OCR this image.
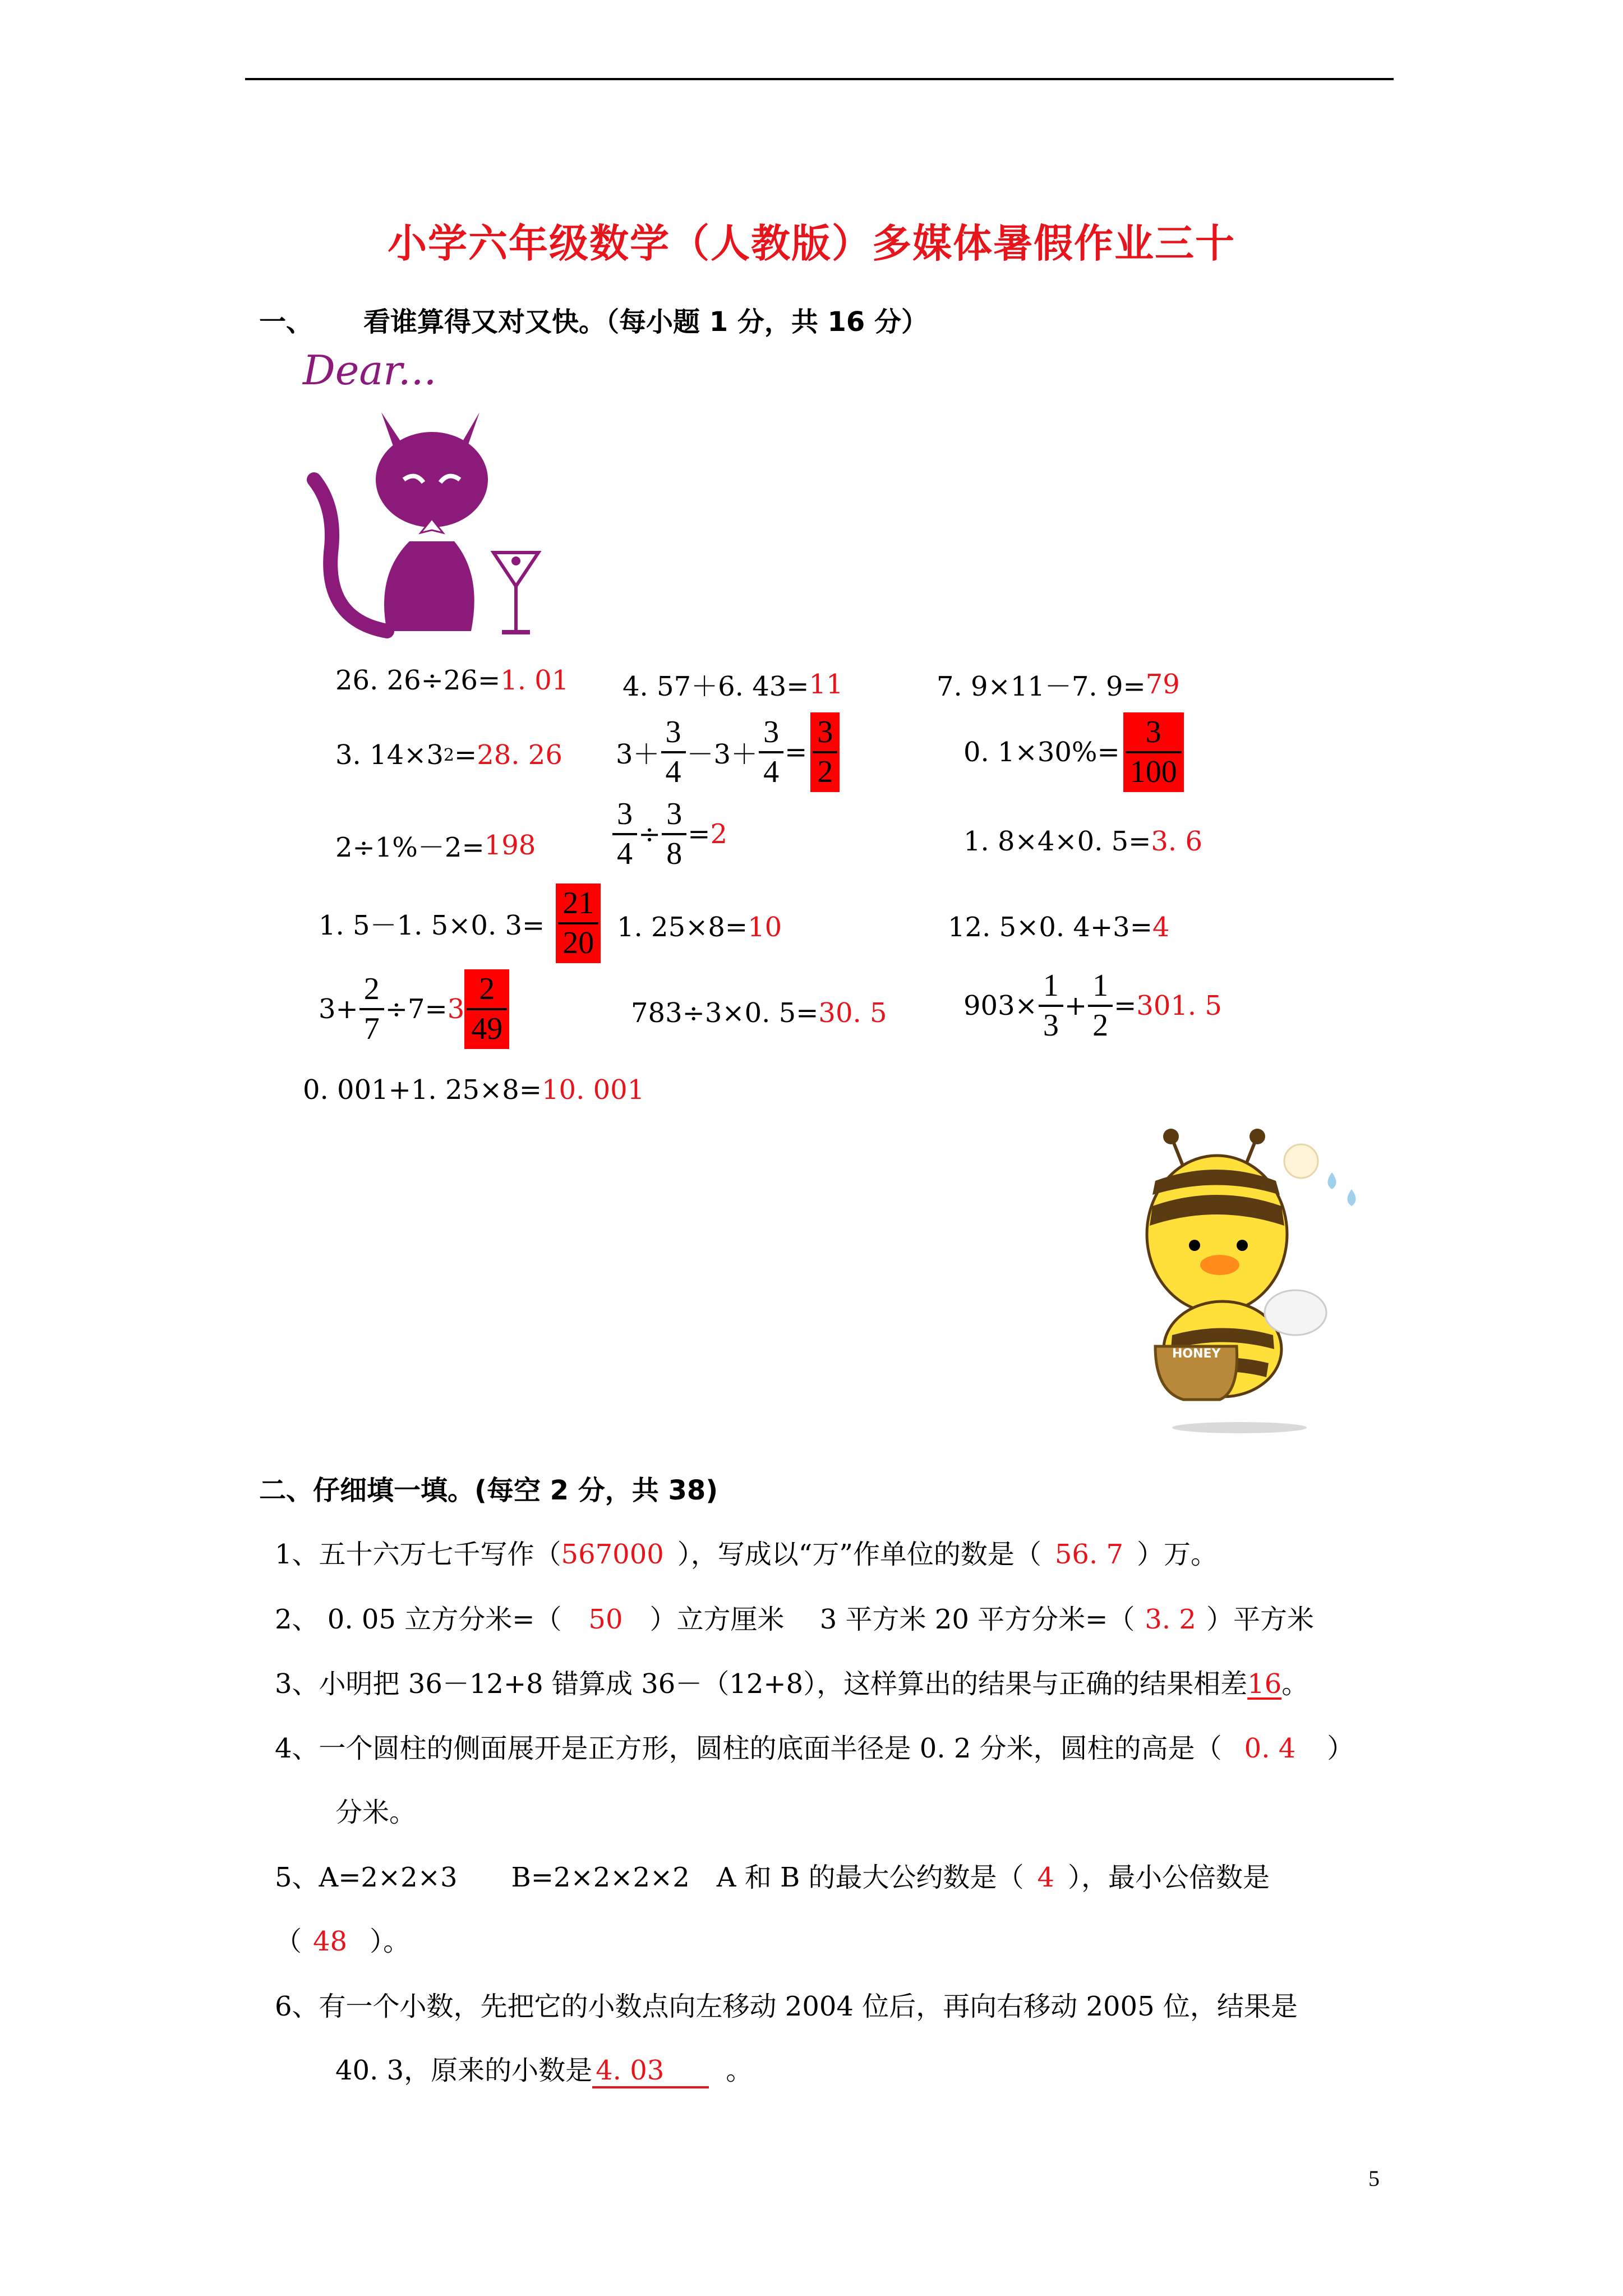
小学六年级数学（人教版）多媒体暑假作业三十
一、 看谁算得又对又快。（每小题 1 分，共 16 分）
Dear...
26. 26÷26= 1. 01 4. 57＋6. 43= 11	7. 9×11－7. 9= 79
3. 14×3 2 = 28. 26 $3+ \frac{3}{4} -3+ \frac{3}{4} = \frac{3}{2}$	0. $1\times 30\%= \frac{3}{100}$
2÷1%－2= 198	$\frac{3}{4} \div \frac{3}{8} = 2$	1. 8×4×0. 5= 3. 6
1. 5－1. 5×0. $3= \frac{21}{20} 1$. 25×8= 10	12. 5×0. 4+3= 4
$3+ \frac{2}{7} \div 7= 3 \frac{2}{49}$	783÷3×0. 5= 30. 5	$903\times \frac{1}{3} + \frac{1}{2} = 301$. 5
0. 001+1. 25×8= 10. 001
HONEY
二、仔细填一填。(每空 2 分，共 38)
1、五十六万七千写作（567000 ），写成以“万”作单位的数是（ 56. 7 ）万。
2、 0. 05 立方分米=（ 50 ）立方厘米　 3 平方米 20 平方分米=（ 3. 2 ）平方米
3、小明把 36－12+8 错算成 36－（12+8），这样算出的结果与正确的结果相差16。
4、一个圆柱的侧面展开是正方形，圆柱的底面半径是 0. 2 分米，圆柱的高是（ 0. 4 ）
分米。
5、A=2×2×3　　B=2×2×2×2　A 和 B 的最大公约数是（ 4 ），最小公倍数是
（ 48 ）。
6、有一个小数，先把它的小数点向左移动 2004 位后，再向右移动 2005 位，结果是
40. 3，原来的小数是 4. 03 。
5
